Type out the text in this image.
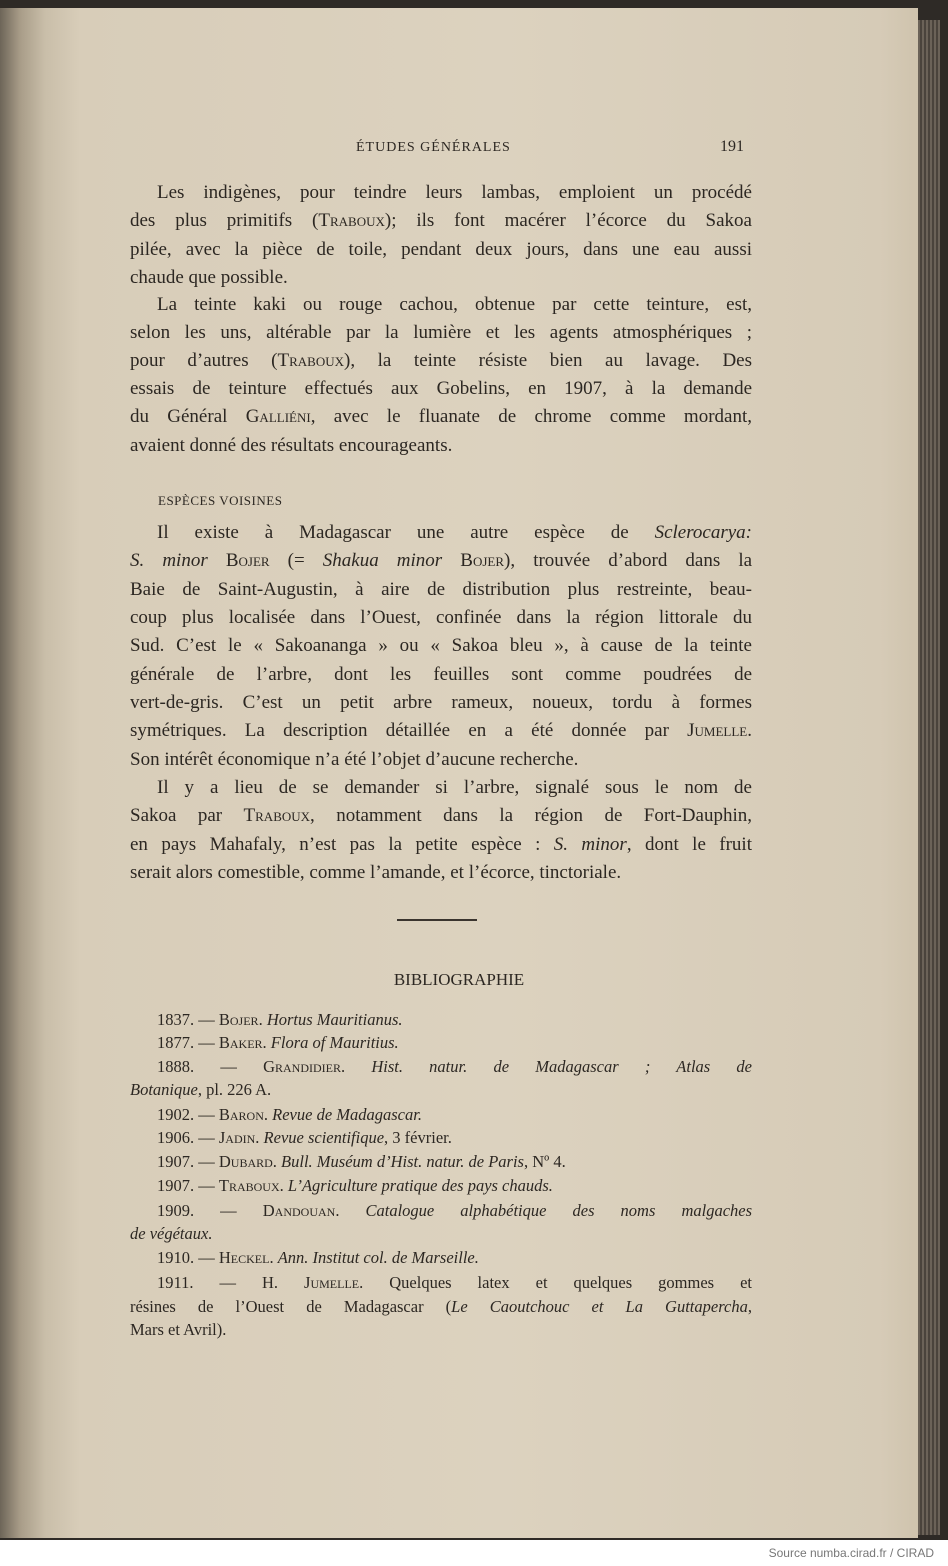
ÉTUDES GÉNÉRALES	191
Les indigènes, pour teindre leurs lambas, emploient un procédé
des plus primitifs (Traboux); ils font macérer l’écorce du Sakoa
pilée, avec la pièce de toile, pendant deux jours, dans une eau aussi
chaude que possible.
La teinte kaki ou rouge cachou, obtenue par cette teinture, est,
selon les uns, altérable par la lumière et les agents atmosphériques ;
pour d’autres (Traboux), la teinte résiste bien au lavage. Des
essais de teinture effectués aux Gobelins, en 1907, à la demande
du Général Galliéni, avec le fluanate de chrome comme mordant,
avaient donné des résultats encourageants.
Il existe à Madagascar une autre espèce de Sclerocarya:
S. minor Bojer (= Shakua minor Bojer), trouvée d’abord dans la
Baie de Saint-Augustin, à aire de distribution plus restreinte, beau-
coup plus localisée dans l’Ouest, confinée dans la région littorale du
Sud. C’est le « Sakoananga » ou « Sakoa bleu », à cause de la teinte
générale de l’arbre, dont les feuilles sont comme poudrées de
vert-de-gris. C’est un petit arbre rameux, noueux, tordu à formes
symétriques. La description détaillée en a été donnée par Jumelle.
Son intérêt économique n’a été l’objet d’aucune recherche.
Il y a lieu de se demander si l’arbre, signalé sous le nom de
Sakoa par Traboux, notamment dans la région de Fort-Dauphin,
en pays Mahafaly, n’est pas la petite espèce : S. minor, dont le fruit
serait alors comestible, comme l’amande, et l’écorce, tinctoriale.
ESPÈCES VOISINES
BIBLIOGRAPHIE
1837. — Bojer. Hortus Mauritianus.
1877. — Baker. Flora of Mauritius.
1888. — Grandidier. Hist. natur. de Madagascar ; Atlas de
Botanique, pl. 226 A.
1902. — Baron. Revue de Madagascar.
1906. — Jadin. Revue scientifique, 3 février.
1907. — Dubard. Bull. Muséum d’Hist. natur. de Paris, Nº 4.
1907. — Traboux. L’Agriculture pratique des pays chauds.
1909. — Dandouan. Catalogue alphabétique des noms malgaches
de végétaux.
1910. — Heckel. Ann. Institut col. de Marseille.
1911. — H. Jumelle. Quelques latex et quelques gommes et
résines de l’Ouest de Madagascar (Le Caoutchouc et La Guttapercha,
Mars et Avril).
Source numba.cirad.fr / CIRAD
